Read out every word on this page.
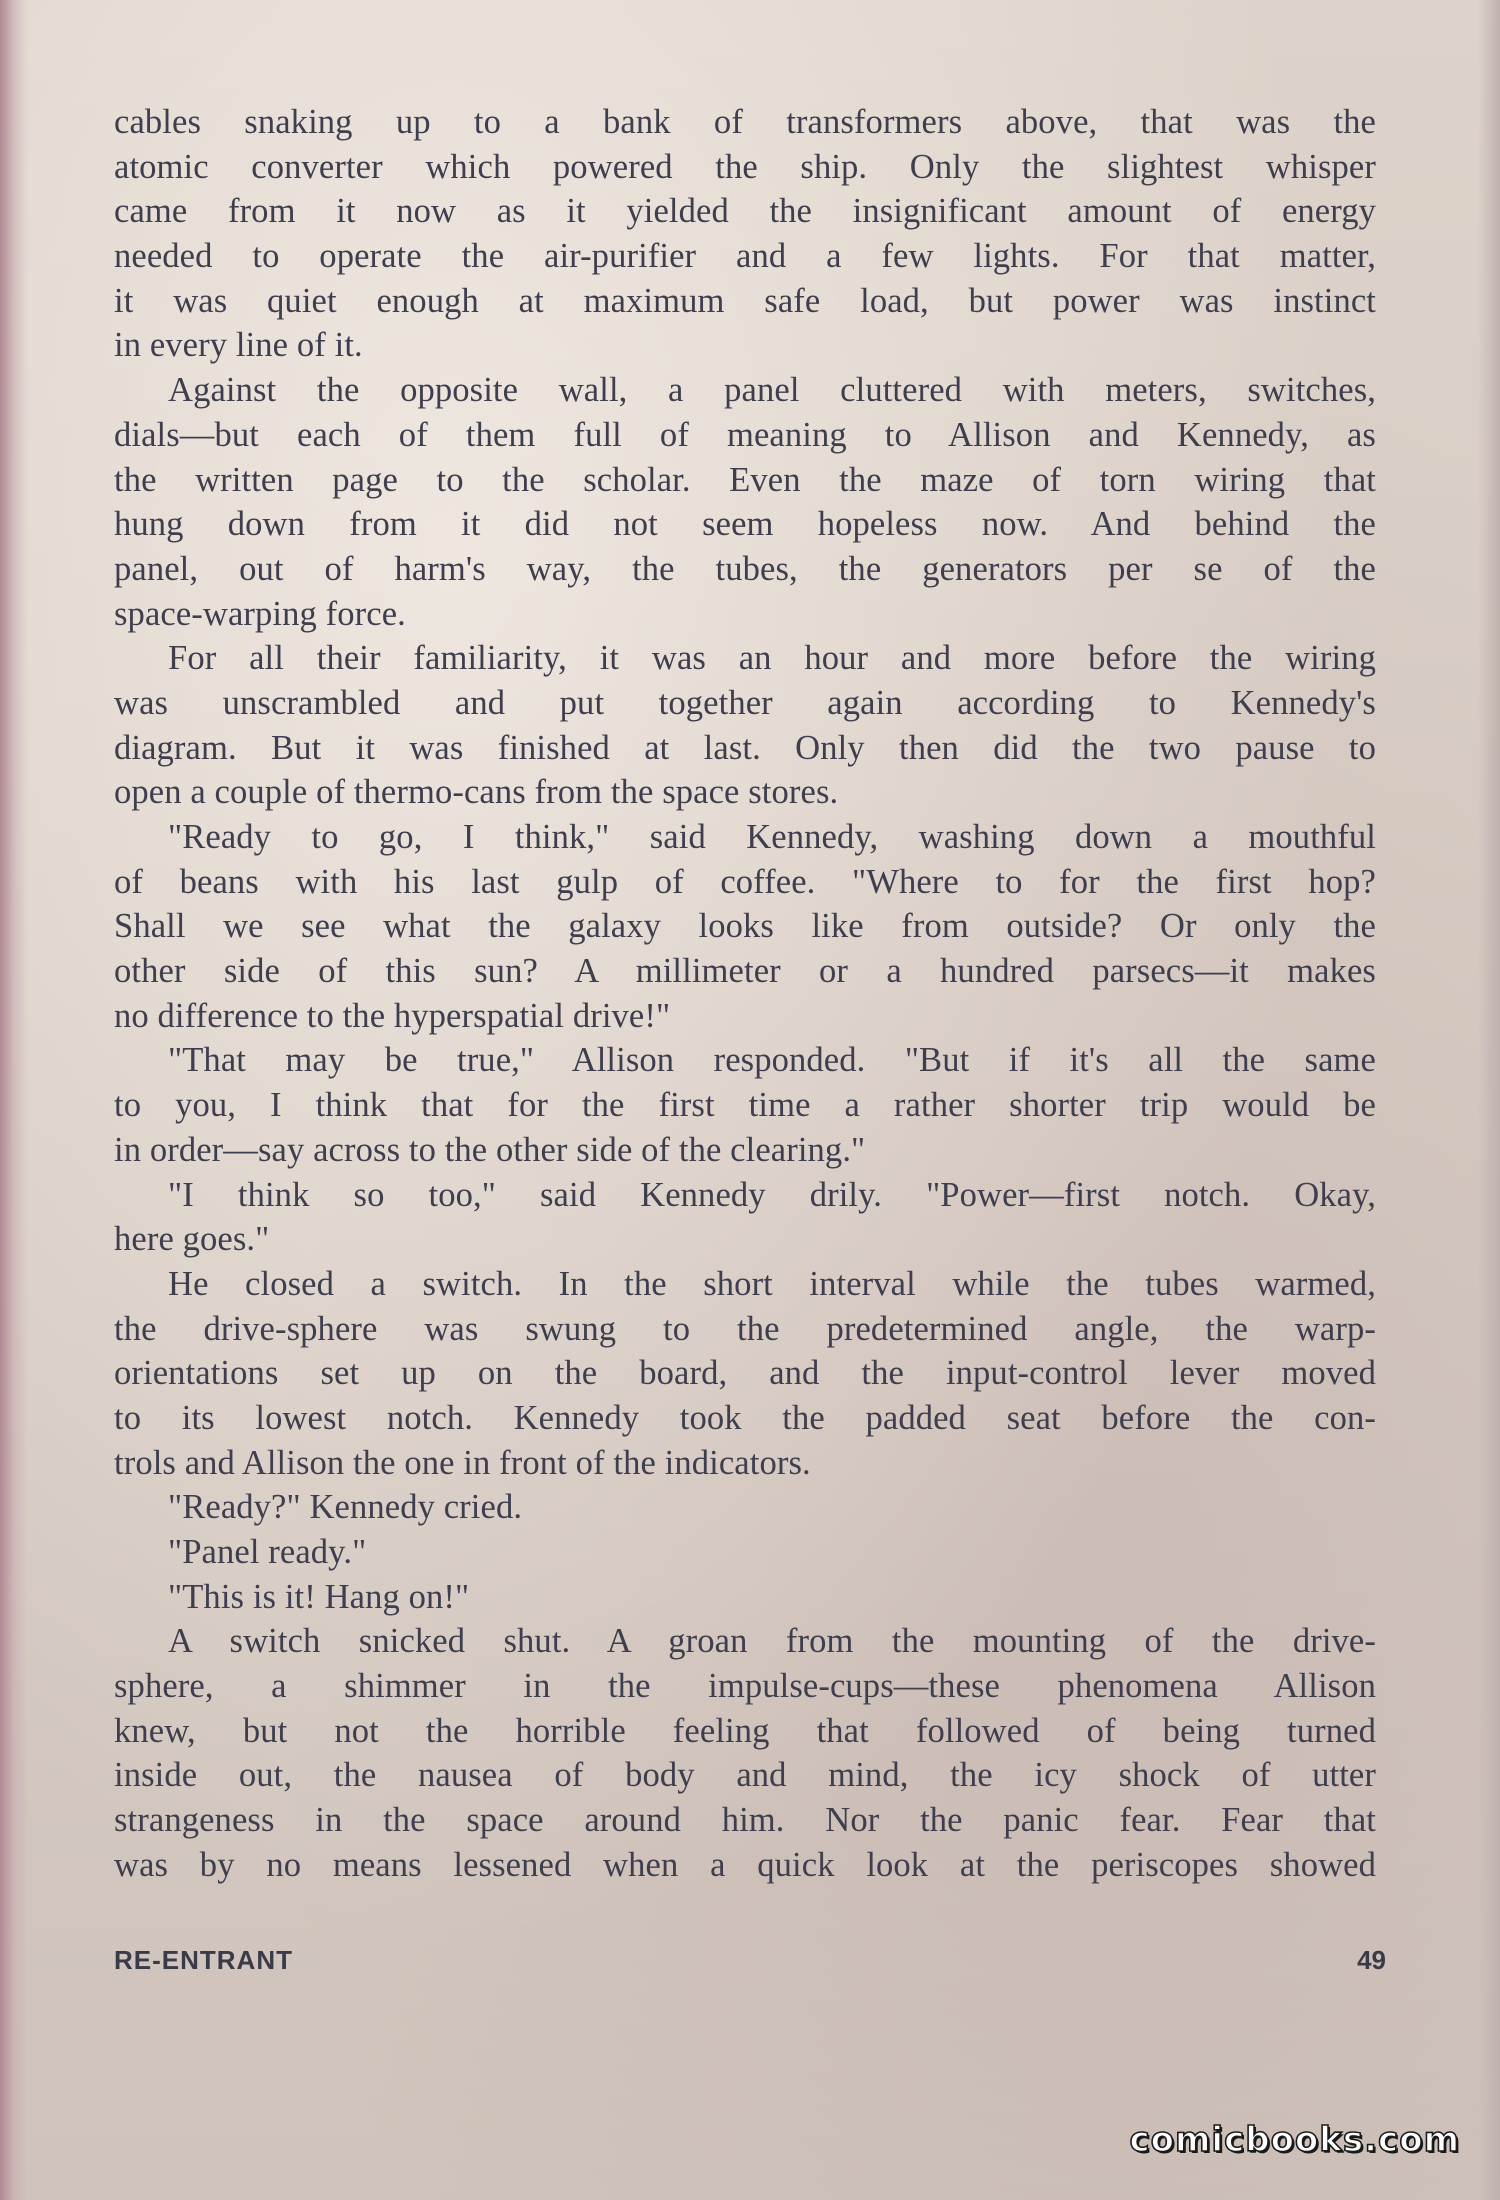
cables snaking up to a bank of transformers above, that was the
atomic converter which powered the ship. Only the slightest whisper
came from it now as it yielded the insignificant amount of energy
needed to operate the air-purifier and a few lights. For that matter,
it was quiet enough at maximum safe load, but power was instinct
in every line of it.
Against the opposite wall, a panel cluttered with meters, switches,
dials—but each of them full of meaning to Allison and Kennedy, as
the written page to the scholar. Even the maze of torn wiring that
hung down from it did not seem hopeless now. And behind the
panel, out of harm's way, the tubes, the generators per se of the
space-warping force.
For all their familiarity, it was an hour and more before the wiring
was unscrambled and put together again according to Kennedy's
diagram. But it was finished at last. Only then did the two pause to
open a couple of thermo-cans from the space stores.
"Ready to go, I think," said Kennedy, washing down a mouthful
of beans with his last gulp of coffee. "Where to for the first hop?
Shall we see what the galaxy looks like from outside? Or only the
other side of this sun? A millimeter or a hundred parsecs—it makes
no difference to the hyperspatial drive!"
"That may be true," Allison responded. "But if it's all the same
to you, I think that for the first time a rather shorter trip would be
in order—say across to the other side of the clearing."
"I think so too," said Kennedy drily. "Power—first notch. Okay,
here goes."
He closed a switch. In the short interval while the tubes warmed,
the drive-sphere was swung to the predetermined angle, the warp-
orientations set up on the board, and the input-control lever moved
to its lowest notch. Kennedy took the padded seat before the con-
trols and Allison the one in front of the indicators.
"Ready?" Kennedy cried.
"Panel ready."
"This is it! Hang on!"
A switch snicked shut. A groan from the mounting of the drive-
sphere, a shimmer in the impulse-cups—these phenomena Allison
knew, but not the horrible feeling that followed of being turned
inside out, the nausea of body and mind, the icy shock of utter
strangeness in the space around him. Nor the panic fear. Fear that
was by no means lessened when a quick look at the periscopes showed
RE-ENTRANT	49
comicbooks.com
